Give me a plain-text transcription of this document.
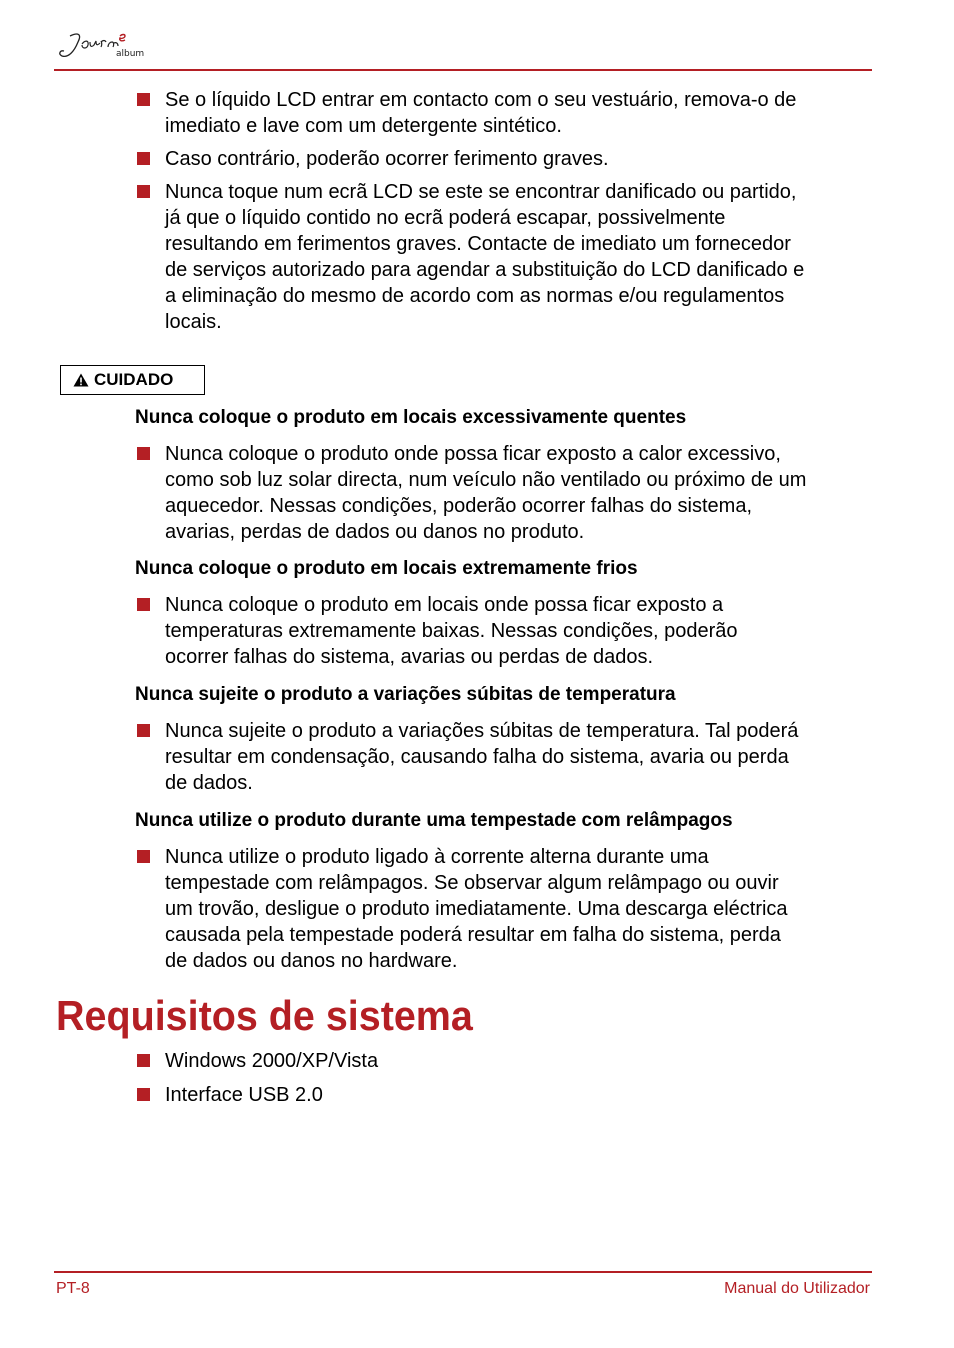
album
Se o líquido LCD entrar em contacto com o seu vestuário, remova-o de
imediato e lave com um detergente sintético.
Caso contrário, poderão ocorrer ferimento graves.
Nunca toque num ecrã LCD se este se encontrar danificado ou partido,
já que o líquido contido no ecrã poderá escapar, possivelmente
resultando em ferimentos graves. Contacte de imediato um fornecedor
de serviços autorizado para agendar a substituição do LCD danificado e
a eliminação do mesmo de acordo com as normas e/ou regulamentos
locais.
CUIDADO
Nunca coloque o produto em locais excessivamente quentes
Nunca coloque o produto onde possa ficar exposto a calor excessivo,
como sob luz solar directa, num veículo não ventilado ou próximo de um
aquecedor. Nessas condições, poderão ocorrer falhas do sistema,
avarias, perdas de dados ou danos no produto.
Nunca coloque o produto em locais extremamente frios
Nunca coloque o produto em locais onde possa ficar exposto a
temperaturas extremamente baixas. Nessas condições, poderão
ocorrer falhas do sistema, avarias ou perdas de dados.
Nunca sujeite o produto a variações súbitas de temperatura
Nunca sujeite o produto a variações súbitas de temperatura. Tal poderá
resultar em condensação, causando falha do sistema, avaria ou perda
de dados.
Nunca utilize o produto durante uma tempestade com relâmpagos
Nunca utilize o produto ligado à corrente alterna durante uma
tempestade com relâmpagos. Se observar algum relâmpago ou ouvir
um trovão, desligue o produto imediatamente. Uma descarga eléctrica
causada pela tempestade poderá resultar em falha do sistema, perda
de dados ou danos no hardware.
Requisitos de sistema
Windows 2000/XP/Vista
Interface USB 2.0
PT-8	Manual do Utilizador
